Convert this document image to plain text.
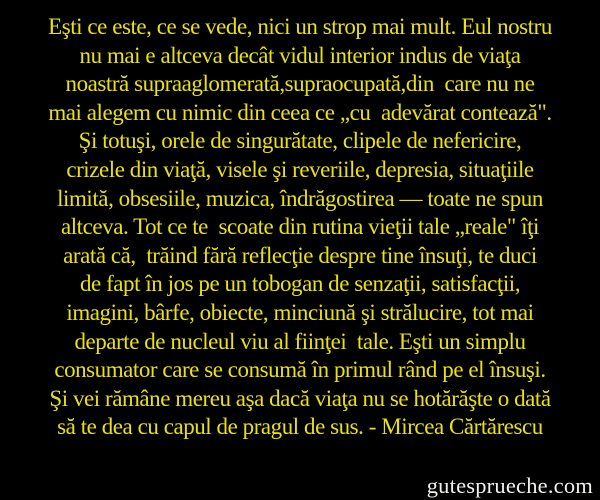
Eşti ce este, ce se vede, nici un strop mai mult. Eul nostru
nu mai e altceva decât vidul interior indus de viaţa
noastră supraaglomerată,supraocupată,din  care nu ne
mai alegem cu nimic din ceea ce „cu  adevărat contează".
Şi totuşi, orele de singurătate, clipele de nefericire,
crizele din viaţă, visele şi reveriile, depresia, situaţiile
limită, obsesiile, muzica, îndrăgostirea — toate ne spun
altceva. Tot ce te  scoate din rutina vieţii tale „reale" îţi
arată că,  trăind fără reflecţie despre tine însuţi, te duci
de fapt în jos pe un tobogan de senzaţii, satisfacţii,
imagini, bârfe, obiecte, minciună şi strălucire, tot mai
departe de nucleul viu al fiinţei  tale. Eşti un simplu
consumator care se consumă în primul rând pe el însuşi.
Şi vei rămâne mereu aşa dacă viaţa nu se hotărăşte o dată
să te dea cu capul de pragul de sus. - Mircea Cărtărescu
gutesprueche.com
